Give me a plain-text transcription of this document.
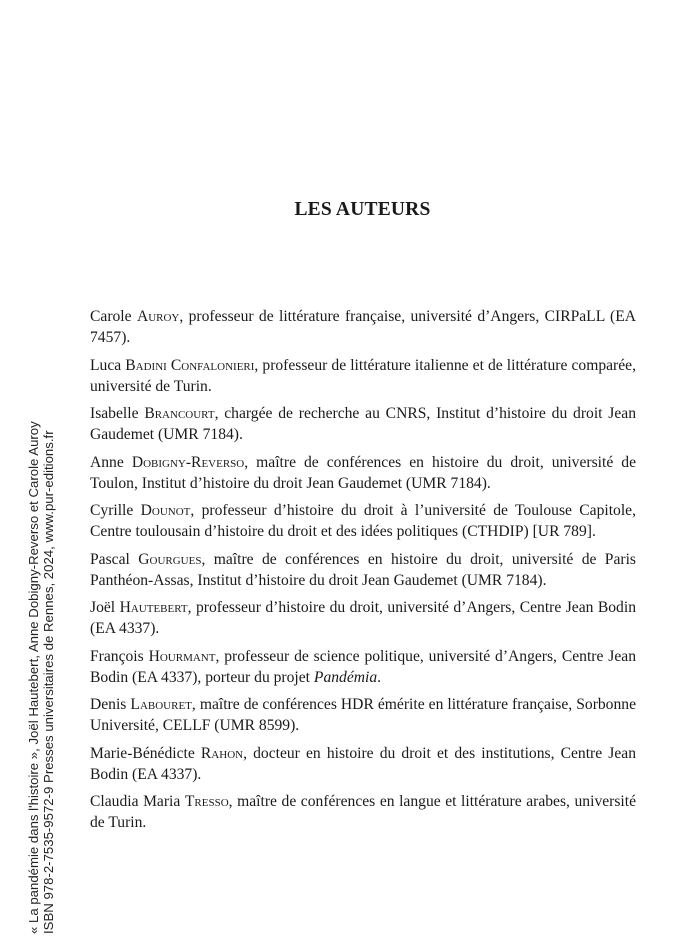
LES AUTEURS

Carole Auroy, professeur de littérature française, université d’Angers, CIRPaLL (EA 7457).

Luca Badini Confalonieri, professeur de littérature italienne et de littérature comparée, université de Turin.

Isabelle Brancourt, chargée de recherche au CNRS, Institut d’histoire du droit Jean Gaudemet (UMR 7184).

Anne Dobigny-Reverso, maître de conférences en histoire du droit, université de Toulon, Institut d’histoire du droit Jean Gaudemet (UMR 7184).

Cyrille Dounot, professeur d’histoire du droit à l’université de Toulouse Capitole, Centre toulousain d’histoire du droit et des idées politiques (CTHDIP) [UR 789].

Pascal Gourgues, maître de conférences en histoire du droit, université de Paris Panthéon-Assas, Institut d’histoire du droit Jean Gaudemet (UMR 7184).

Joël Hautebert, professeur d’histoire du droit, université d’Angers, Centre Jean Bodin (EA 4337).

François Hourmant, professeur de science politique, université d’Angers, Centre Jean Bodin (EA 4337), porteur du projet Pandémia.

Denis Labouret, maître de conférences HDR émérite en littérature française, Sorbonne Université, CELLF (UMR 8599).

Marie-Bénédicte Rahon, docteur en histoire du droit et des institutions, Centre Jean Bodin (EA 4337).

Claudia Maria Tresso, maître de conférences en langue et littérature arabes, université de Turin.

« La pandémie dans l'histoire », Joël Hautebert, Anne Dobigny-Reverso et Carole Auroy ISBN 978-2-7535-9572-9 Presses universitaires de Rennes, 2024, www.pur-editions.fr
